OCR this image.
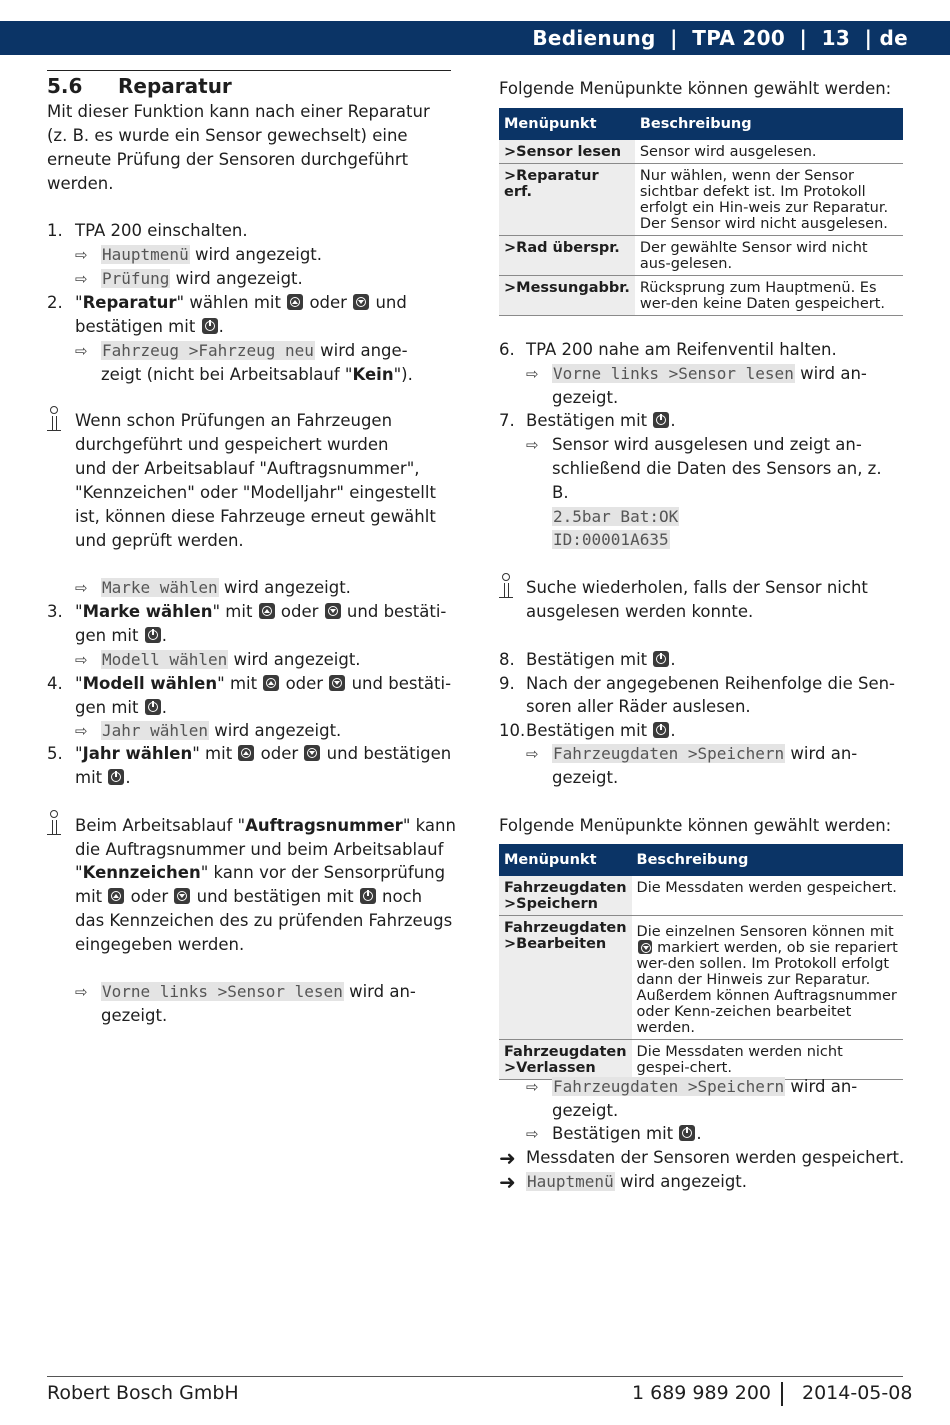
Bedienung  |  TPA 200  |  13  | de
5.6 Reparatur

Mit dieser Funktion kann nach einer Reparatur (z. B. es wurde ein Sensor gewechselt) eine erneute Prüfung der Sensoren durchgeführt werden.

1. TPA 200 einschalten.
⇨ Hauptmenü wird angezeigt.
⇨ Prüfung wird angezeigt.
2. "Reparatur" wählen mit  oder  und
bestätigen mit .
⇨ Fahrzeug >Fahrzeug neu wird ange-
zeigt (nicht bei Arbeitsablauf "Kein").
Wenn schon Prüfungen an Fahrzeugen
durchgeführt und gespeichert wurden
und der Arbeitsablauf "Auftragsnummer",
"Kennzeichen" oder "Modelljahr" eingestellt
ist, können diese Fahrzeuge erneut gewählt
und geprüft werden.
⇨ Marke wählen wird angezeigt.
3. "Marke wählen" mit  oder  und bestäti-
gen mit .
⇨ Modell wählen wird angezeigt.
4. "Modell wählen" mit  oder  und bestäti-
gen mit .
⇨ Jahr wählen wird angezeigt.
5. "Jahr wählen" mit  oder  und bestätigen
mit .
Beim Arbeitsablauf "Auftragsnummer" kann
die Auftragsnummer und beim Arbeitsablauf
"Kennzeichen" kann vor der Sensorprüfung
mit  oder  und bestätigen mit  noch
das Kennzeichen des zu prüfenden Fahrzeugs
eingegeben werden.
⇨ Vorne links >Sensor lesen wird an-
gezeigt.
Folgende Menüpunkte können gewählt werden:
Menüpunkt	Beschreibung
>Sensor lesen	Sensor wird ausgelesen.
>Reparatur erf.	Nur wählen, wenn der Sensor sichtbar defekt ist. Im Protokoll erfolgt ein Hin-weis zur Reparatur. Der Sensor wird nicht ausgelesen.
>Rad überspr.	Der gewählte Sensor wird nicht aus-gelesen.
>Messungabbr.	Rücksprung zum Hauptmenü. Es wer-den keine Daten gespeichert.
6. TPA 200 nahe am Reifenventil halten.
⇨ Vorne links >Sensor lesen wird an-
gezeigt.
7. Bestätigen mit .
⇨ Sensor wird ausgelesen und zeigt an-
schließend die Daten des Sensors an, z.
B.
2.5bar Bat:OK
ID:00001A635
Suche wiederholen, falls der Sensor nicht
ausgelesen werden konnte.
8. Bestätigen mit .
9. Nach der angegebenen Reihenfolge die Sen-
soren aller Räder auslesen.
10. Bestätigen mit .
⇨ Fahrzeugdaten >Speichern wird an-
gezeigt.
Folgende Menüpunkte können gewählt werden:
Menüpunkt	Beschreibung

Fahrzeugdaten
>Speichern	Die Messdaten werden gespeichert.

Fahrzeugdaten
>Bearbeiten	Die einzelnen Sensoren können mit  markiert werden, ob sie repariert wer-den sollen. Im Protokoll erfolgt dann der Hinweis zur Reparatur. Außerdem können Auftragsnummer oder Kenn-zeichen bearbeitet werden.

Fahrzeugdaten
>Verlassen	Die Messdaten werden nicht gespei-chert.
⇨ Fahrzeugdaten >Speichern wird an-
gezeigt.
⇨ Bestätigen mit .
➜ Messdaten der Sensoren werden gespeichert.
➜ Hauptmenü wird angezeigt.
Robert Bosch GmbH	1 689 989 200 2014-05-08
